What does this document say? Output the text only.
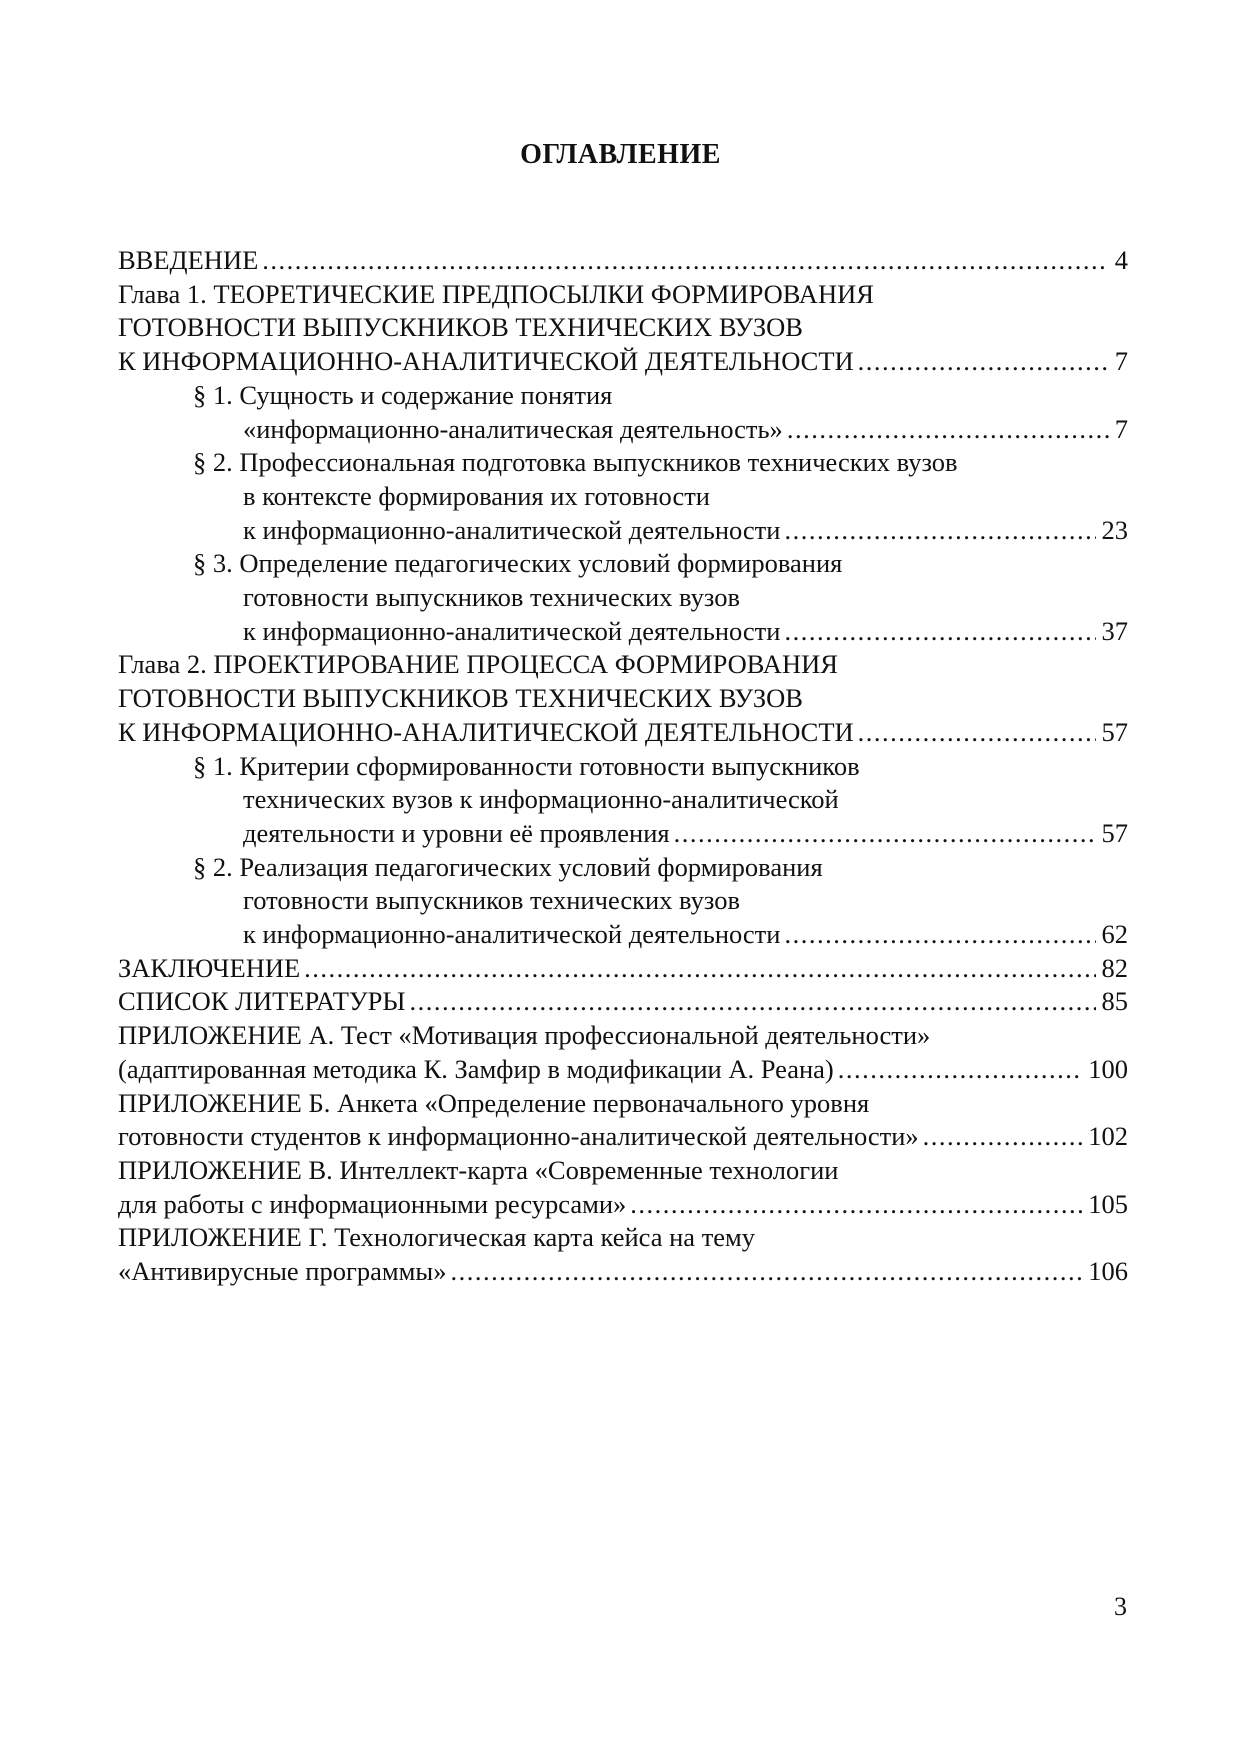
ОГЛАВЛЕНИЕ
ВВЕДЕНИЕ .....	4
Глава 1. ТЕОРЕТИЧЕСКИЕ ПРЕДПОСЫЛКИ ФОРМИРОВАНИЯ
ГОТОВНОСТИ ВЫПУСКНИКОВ ТЕХНИЧЕСКИХ ВУЗОВ
К ИНФОРМАЦИОННО-АНАЛИТИЧЕСКОЙ ДЕЯТЕЛЬНОСТИ .....	7
§ 1. Сущность и содержание понятия
«информационно-аналитическая деятельность» .....	7
§ 2. Профессиональная подготовка выпускников технических вузов
в контексте формирования их готовности
к информационно-аналитической деятельности .....	23
§ 3. Определение педагогических условий формирования
готовности выпускников технических вузов
к информационно-аналитической деятельности .....	37
Глава 2. ПРОЕКТИРОВАНИЕ ПРОЦЕССА ФОРМИРОВАНИЯ
ГОТОВНОСТИ ВЫПУСКНИКОВ ТЕХНИЧЕСКИХ ВУЗОВ
К ИНФОРМАЦИОННО-АНАЛИТИЧЕСКОЙ ДЕЯТЕЛЬНОСТИ .....	57
§ 1. Критерии сформированности готовности выпускников
технических вузов к информационно-аналитической
деятельности и уровни её проявления .....	57
§ 2. Реализация педагогических условий формирования
готовности выпускников технических вузов
к информационно-аналитической деятельности .....	62
ЗАКЛЮЧЕНИЕ .....	82
СПИСОК ЛИТЕРАТУРЫ .....	85
ПРИЛОЖЕНИЕ А. Тест «Мотивация профессиональной деятельности»
(адаптированная методика К. Замфир в модификации А. Реана) .....	100
ПРИЛОЖЕНИЕ Б. Анкета «Определение первоначального уровня
готовности студентов к информационно-аналитической деятельности» .....	102
ПРИЛОЖЕНИЕ В. Интеллект-карта «Современные технологии
для работы с информационными ресурсами» .....	105
ПРИЛОЖЕНИЕ Г. Технологическая карта кейса на тему
«Антивирусные программы» .....	106
3
